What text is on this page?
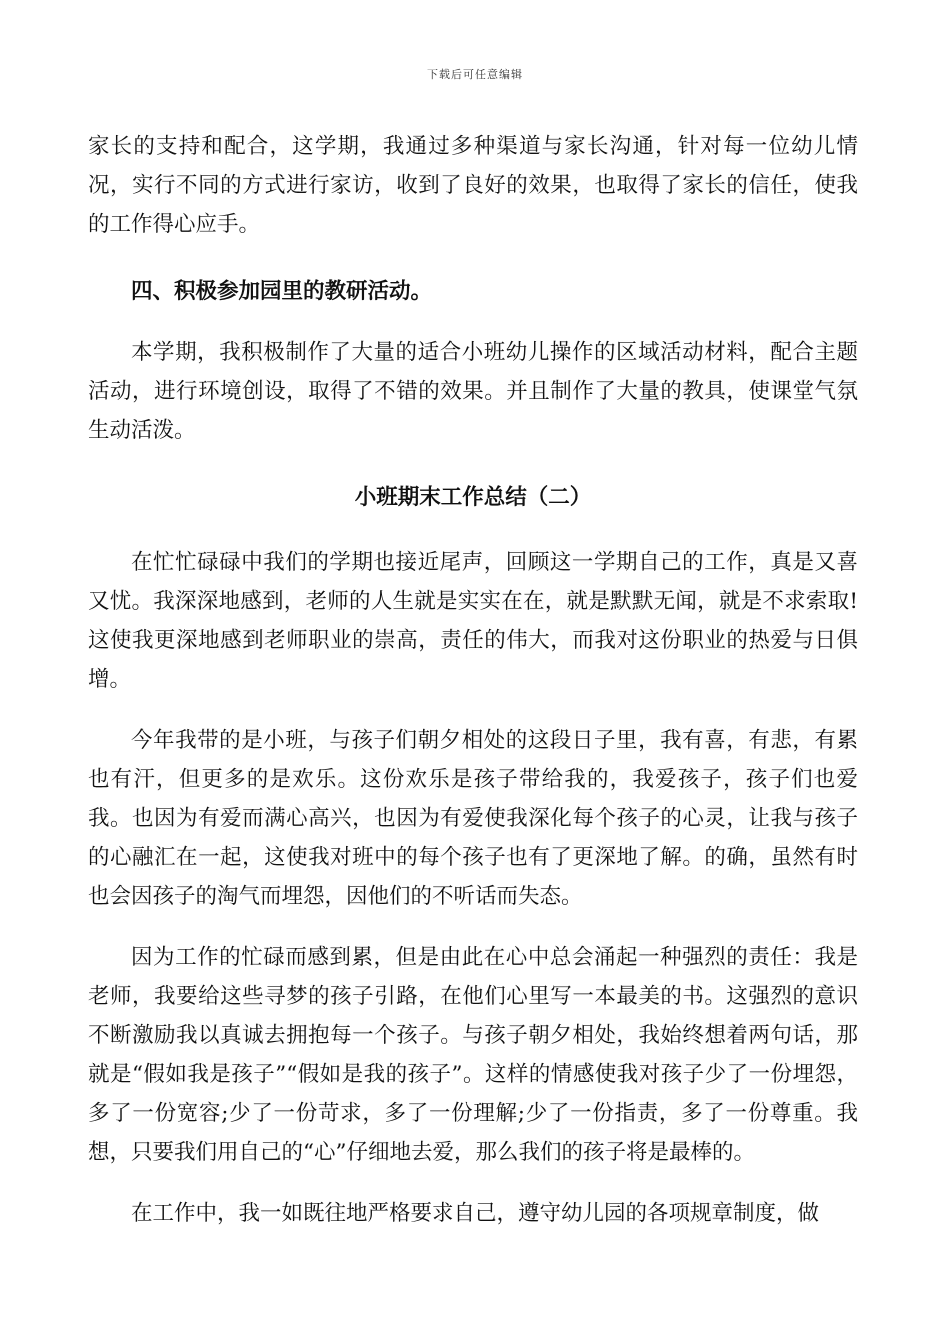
下载后可任意编辑

家长的支持和配合，这学期，我通过多种渠道与家长沟通，针对每一位幼儿情况，实行不同的方式进行家访，收到了良好的效果，也取得了家长的信任，使我的工作得心应手。

四、积极参加园里的教研活动。

本学期，我积极制作了大量的适合小班幼儿操作的区域活动材料，配合主题活动，进行环境创设，取得了不错的效果。并且制作了大量的教具，使课堂气氛生动活泼。

小班期末工作总结（二）

在忙忙碌碌中我们的学期也接近尾声，回顾这一学期自己的工作，真是又喜又忧。我深深地感到，老师的人生就是实实在在，就是默默无闻，就是不求索取!这使我更深地感到老师职业的崇高，责任的伟大，而我对这份职业的热爱与日俱增。

今年我带的是小班，与孩子们朝夕相处的这段日子里，我有喜，有悲，有累也有汗，但更多的是欢乐。这份欢乐是孩子带给我的，我爱孩子，孩子们也爱我。也因为有爱而满心高兴，也因为有爱使我深化每个孩子的心灵，让我与孩子的心融汇在一起，这使我对班中的每个孩子也有了更深地了解。的确，虽然有时也会因孩子的淘气而埋怨，因他们的不听话而失态。

因为工作的忙碌而感到累，但是由此在心中总会涌起一种强烈的责任：我是老师，我要给这些寻梦的孩子引路，在他们心里写一本最美的书。这强烈的意识不断激励我以真诚去拥抱每一个孩子。与孩子朝夕相处，我始终想着两句话，那就是“假如我是孩子”“假如是我的孩子”。这样的情感使我对孩子少了一份埋怨，多了一份宽容;少了一份苛求，多了一份理解;少了一份指责，多了一份尊重。我想，只要我们用自己的“心”仔细地去爱，那么我们的孩子将是最棒的。

在工作中，我一如既往地严格要求自己，遵守幼儿园的各项规章制度，做
